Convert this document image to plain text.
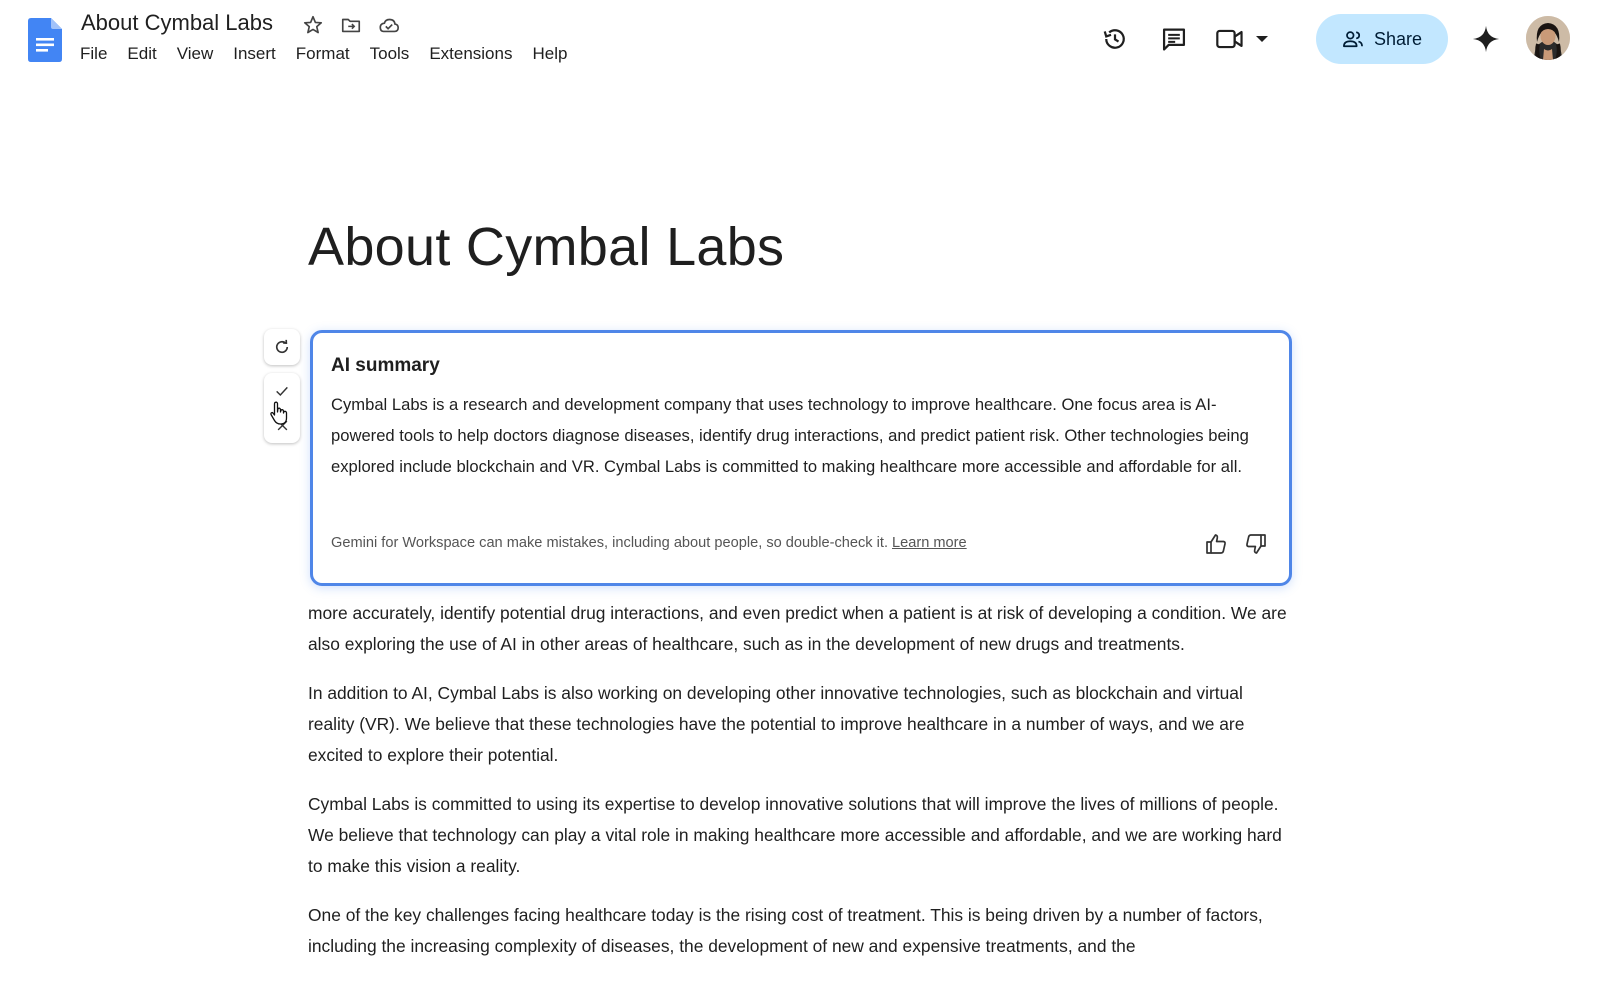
About Cymbal Labs
File	Edit	View	Insert	Format	Tools	Extensions	Help
Share
About Cymbal Labs
AI summary
Cymbal Labs is a research and development company that uses technology to improve healthcare. One focus area is AI-powered tools to help doctors diagnose diseases, identify drug interactions, and predict patient risk. Other technologies being explored include blockchain and VR. Cymbal Labs is committed to making healthcare more accessible and affordable for all.
Gemini for Workspace can make mistakes, including about people, so double-check it. Learn more

more accurately, identify potential drug interactions, and even predict when a patient is at risk of developing a condition. We are also exploring the use of AI in other areas of healthcare, such as in the development of new drugs and treatments.

In addition to AI, Cymbal Labs is also working on developing other innovative technologies, such as blockchain and virtual reality (VR). We believe that these technologies have the potential to improve healthcare in a number of ways, and we are excited to explore their potential.

Cymbal Labs is committed to using its expertise to develop innovative solutions that will improve the lives of millions of people. We believe that technology can play a vital role in making healthcare more accessible and affordable, and we are working hard to make this vision a reality.

One of the key challenges facing healthcare today is the rising cost of treatment. This is being driven by a number of factors, including the increasing complexity of diseases, the development of new and expensive treatments, and the
